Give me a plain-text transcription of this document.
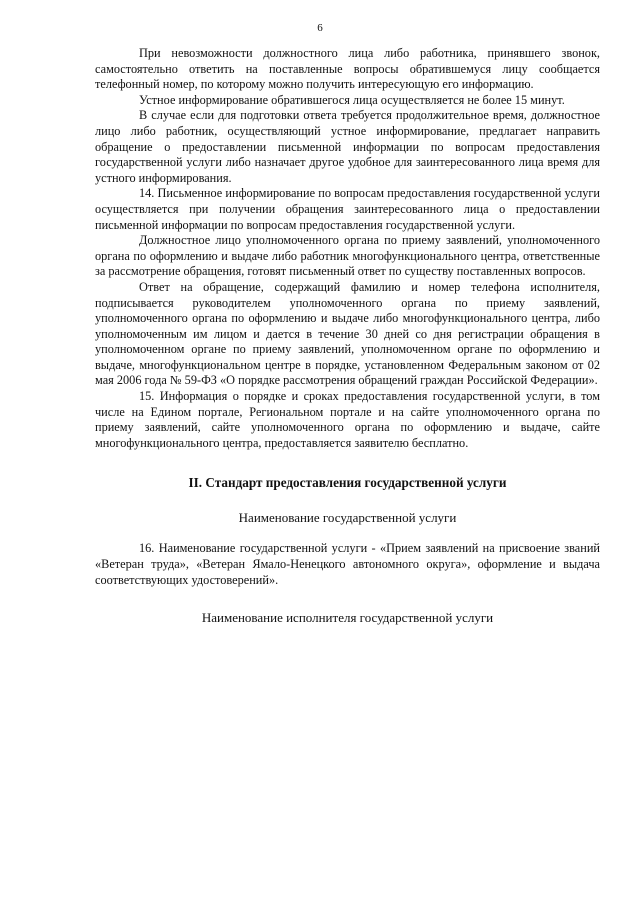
6

При невозможности должностного лица либо работника, принявшего звонок, самостоятельно ответить на поставленные вопросы обратившемуся лицу сообщается телефонный номер, по которому можно получить интересующую его информацию.

Устное информирование обратившегося лица осуществляется не более 15 минут.

В случае если для подготовки ответа требуется продолжительное время, должностное лицо либо работник, осуществляющий устное информирование, предлагает направить обращение о предоставлении письменной информации по вопросам предоставления государственной услуги либо назначает другое удобное для заинтересованного лица время для устного информирования.

14. Письменное информирование по вопросам предоставления государственной услуги осуществляется при получении обращения заинтересованного лица о предоставлении письменной информации по вопросам предоставления государственной услуги.

Должностное лицо уполномоченного органа по приему заявлений, уполномоченного органа по оформлению и выдаче либо работник многофункционального центра, ответственные за рассмотрение обращения, готовят письменный ответ по существу поставленных вопросов.

Ответ на обращение, содержащий фамилию и номер телефона исполнителя, подписывается руководителем уполномоченного органа по приему заявлений, уполномоченного органа по оформлению и выдаче либо многофункционального центра, либо уполномоченным им лицом и дается в течение 30 дней со дня регистрации обращения в уполномоченном органе по приему заявлений, уполномоченном органе по оформлению и выдаче, многофункциональном центре в порядке, установленном Федеральным законом от 02 мая 2006 года № 59-ФЗ «О порядке рассмотрения обращений граждан Российской Федерации».

15. Информация о порядке и сроках предоставления государственной услуги, в том числе на Едином портале, Региональном портале и на сайте уполномоченного органа по приему заявлений, сайте уполномоченного органа по оформлению и выдаче, сайте многофункционального центра, предоставляется заявителю бесплатно.

II. Стандарт предоставления государственной услуги
Наименование государственной услуги

16. Наименование государственной услуги - «Прием заявлений на присвоение званий «Ветеран труда», «Ветеран Ямало-Ненецкого автономного округа», оформление и выдача соответствующих удостоверений».

Наименование исполнителя государственной услуги
